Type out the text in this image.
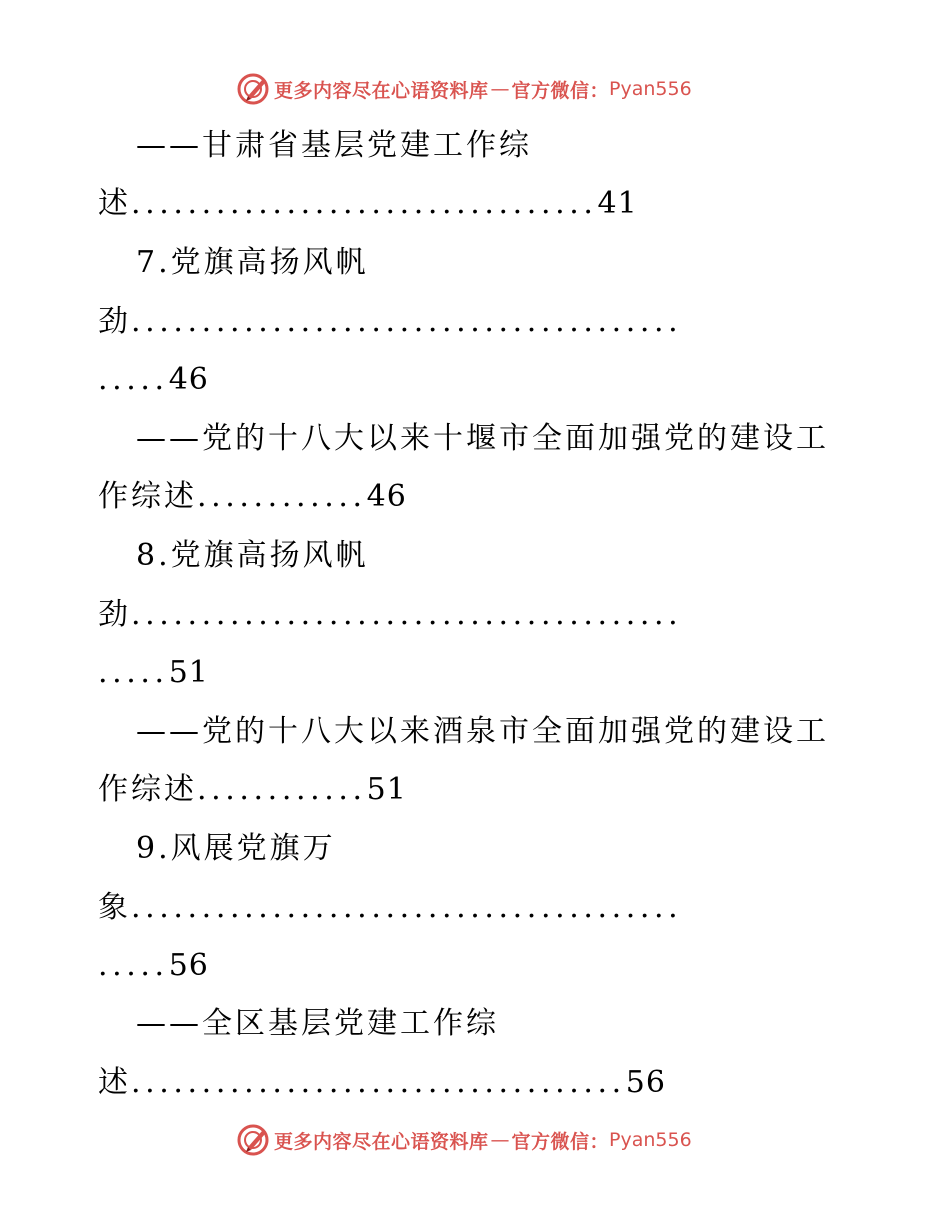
更多内容尽在心语资料库 — 官方微信： Pyan556
——甘肃省基层党建工作综
述.................................41
7.党旗高扬风帆
劲.......................................
.....46
——党的十八大以来十堰市全面加强党的建设工
作综述............46
8.党旗高扬风帆
劲.......................................
.....51
——党的十八大以来酒泉市全面加强党的建设工
作综述............51
9.风展党旗万
象.......................................
.....56
——全区基层党建工作综
述...................................56
更多内容尽在心语资料库 — 官方微信： Pyan556
